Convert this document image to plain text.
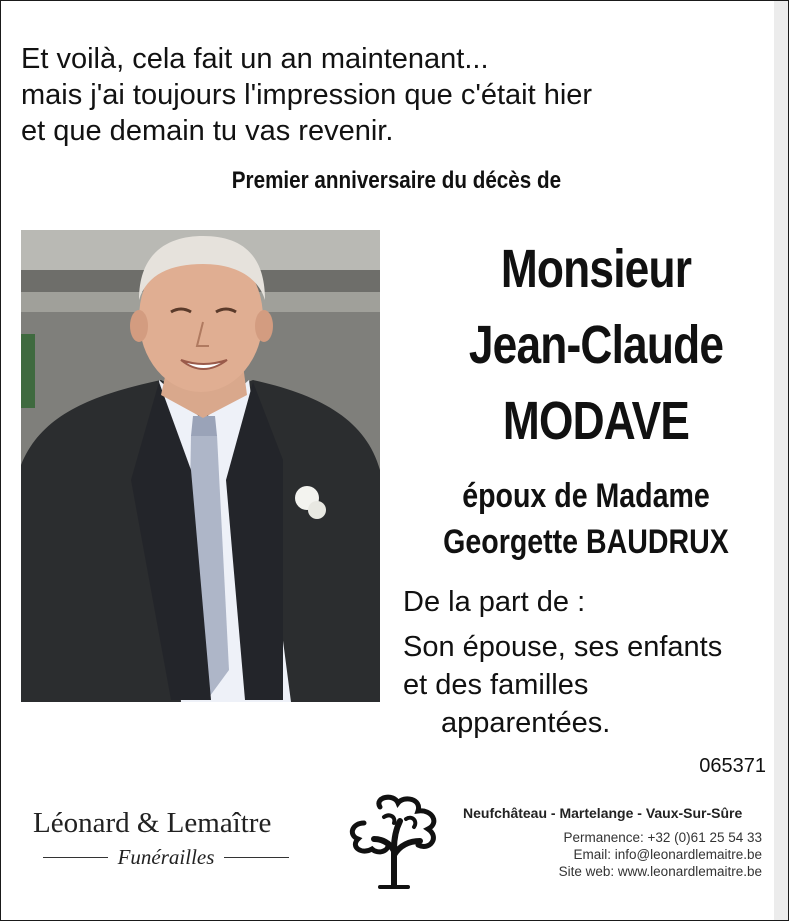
Et voilà, cela fait un an maintenant...
mais j'ai toujours l'impression que c'était hier
et que demain tu vas revenir.
Premier anniversaire du décès de
Monsieur
Jean-Claude
MODAVE
époux de Madame
Georgette BAUDRUX
De la part de :
Son épouse, ses enfants
et des familles
apparentées.
065371
Léonard & Lemaître
Funérailles
Neufchâteau - Martelange - Vaux-Sur-Sûre
Permanence: +32 (0)61 25 54 33
Email: info@leonardlemaitre.be
Site web: www.leonardlemaitre.be
